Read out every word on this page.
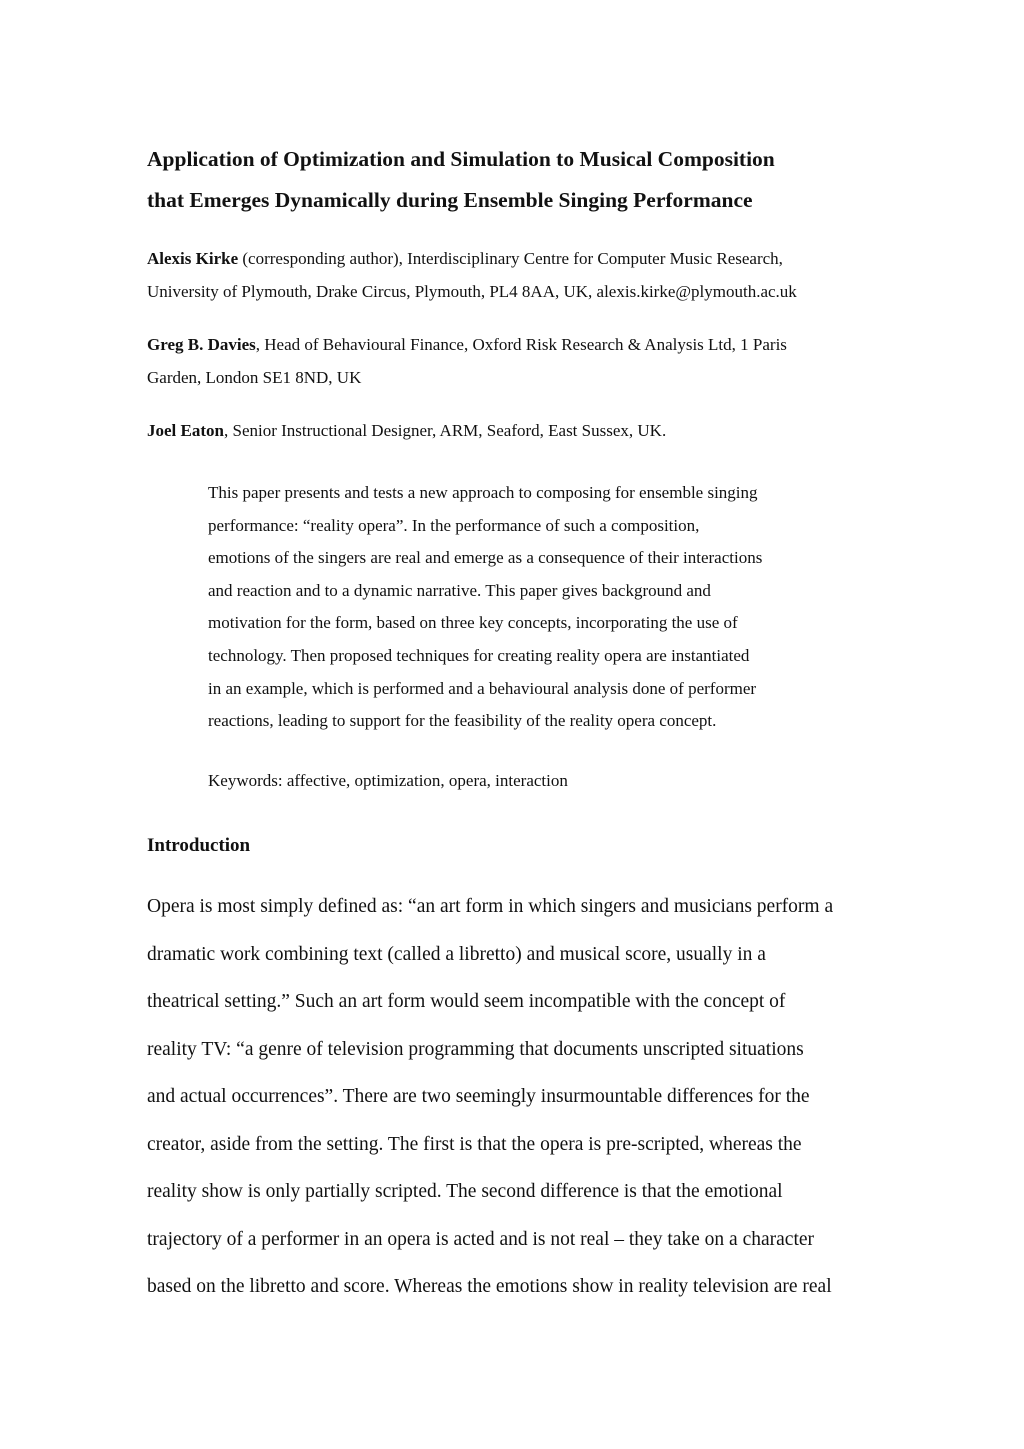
Application of Optimization and Simulation to Musical Composition
that Emerges Dynamically during Ensemble Singing Performance

Alexis Kirke (corresponding author), Interdisciplinary Centre for Computer Music Research,
University of Plymouth, Drake Circus, Plymouth, PL4 8AA, UK, alexis.kirke@plymouth.ac.uk

Greg B. Davies, Head of Behavioural Finance, Oxford Risk Research & Analysis Ltd, 1 Paris
Garden, London SE1 8ND, UK

Joel Eaton, Senior Instructional Designer, ARM, Seaford, East Sussex, UK.

This paper presents and tests a new approach to composing for ensemble singing
performance: “reality opera”. In the performance of such a composition,
emotions of the singers are real and emerge as a consequence of their interactions
and reaction and to a dynamic narrative. This paper gives background and
motivation for the form, based on three key concepts, incorporating the use of
technology. Then proposed techniques for creating reality opera are instantiated
in an example, which is performed and a behavioural analysis done of performer
reactions, leading to support for the feasibility of the reality opera concept.

Keywords: affective, optimization, opera, interaction

Introduction
Opera is most simply defined as: “an art form in which singers and musicians perform a
dramatic work combining text (called a libretto) and musical score, usually in a
theatrical setting.” Such an art form would seem incompatible with the concept of
reality TV: “a genre of television programming that documents unscripted situations
and actual occurrences”. There are two seemingly insurmountable differences for the
creator, aside from the setting. The first is that the opera is pre-scripted, whereas the
reality show is only partially scripted. The second difference is that the emotional
trajectory of a performer in an opera is acted and is not real – they take on a character
based on the libretto and score. Whereas the emotions show in reality television are real
